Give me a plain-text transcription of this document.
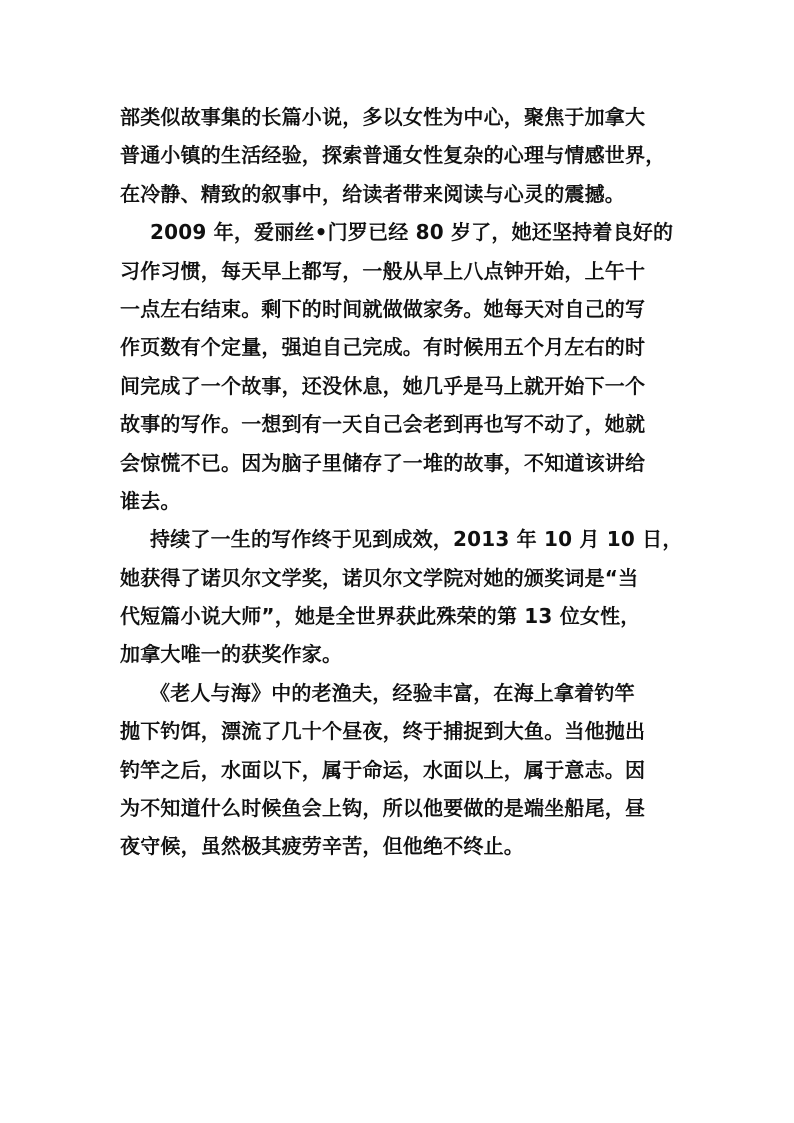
部类似故事集的长篇小说，多以女性为中心，聚焦于加拿大
普通小镇的生活经验，探索普通女性复杂的心理与情感世界，
在冷静、精致的叙事中，给读者带来阅读与心灵的震撼。
2009 年，爱丽丝•门罗已经 80 岁了，她还坚持着良好的
习作习惯，每天早上都写，一般从早上八点钟开始，上午十
一点左右结束。剩下的时间就做做家务。她每天对自己的写
作页数有个定量，强迫自己完成。有时候用五个月左右的时
间完成了一个故事，还没休息，她几乎是马上就开始下一个
故事的写作。一想到有一天自己会老到再也写不动了，她就
会惊慌不已。因为脑子里储存了一堆的故事，不知道该讲给
谁去。
持续了一生的写作终于见到成效，2013 年 10 月 10 日，
她获得了诺贝尔文学奖，诺贝尔文学院对她的颁奖词是“当
代短篇小说大师”，她是全世界获此殊荣的第 13 位女性，
加拿大唯一的获奖作家。
《老人与海》中的老渔夫，经验丰富，在海上拿着钓竿
抛下钓饵，漂流了几十个昼夜，终于捕捉到大鱼。当他抛出
钓竿之后，水面以下，属于命运，水面以上，属于意志。因
为不知道什么时候鱼会上钩，所以他要做的是端坐船尾，昼
夜守候，虽然极其疲劳辛苦，但他绝不终止。
